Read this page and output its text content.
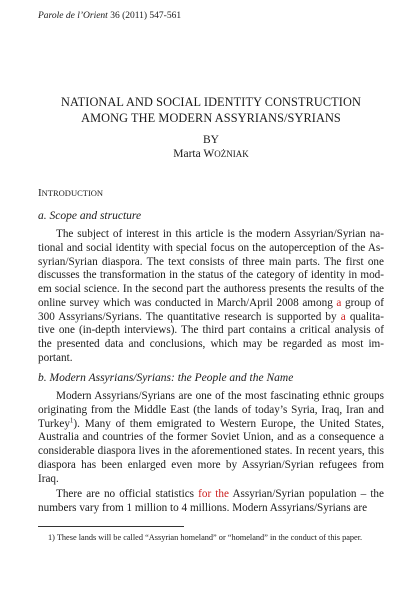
Parole de l’Orient 36 (2011) 547-561
NATIONAL AND SOCIAL IDENTITY CONSTRUCTION
AMONG THE MODERN ASSYRIANS/SYRIANS
BY
Marta WOŻNIAK
INTRODUCTION
a. Scope and structure

The subject of interest in this article is the modern Assyrian/Syrian national and social identity with special focus on the autoperception of the Assyrian/Syrian diaspora. The text consists of three main parts. The first one discusses the transformation in the status of the category of identity in modem social science. In the second part the authoress presents the results of the online survey which was conducted in March/April 2008 among a group of 300 Assyrians/Syrians. The quantitative research is supported by a qualitative one (in-depth interviews). The third part contains a critical analysis of the presented data and conclusions, which may be regarded as most important.

b. Modern Assyrians/Syrians: the People and the Name

Modern Assyrians/Syrians are one of the most fascinating ethnic groups originating from the Middle East (the lands of today’s Syria, Iraq, Iran and Turkey$^1$). Many of them emigrated to Western Europe, the United States, Australia and countries of the former Soviet Union, and as a consequence a considerable diaspora lives in the aforementioned states. In recent years, this diaspora has been enlarged even more by Assyrian/Syrian refugees from Iraq.

There are no official statistics for the Assyrian/Syrian population – the numbers vary from 1 million to 4 millions. Modern Assyrians/Syrians are

1) These lands will be called “Assyrian homeland” or “homeland” in the conduct of this paper.
